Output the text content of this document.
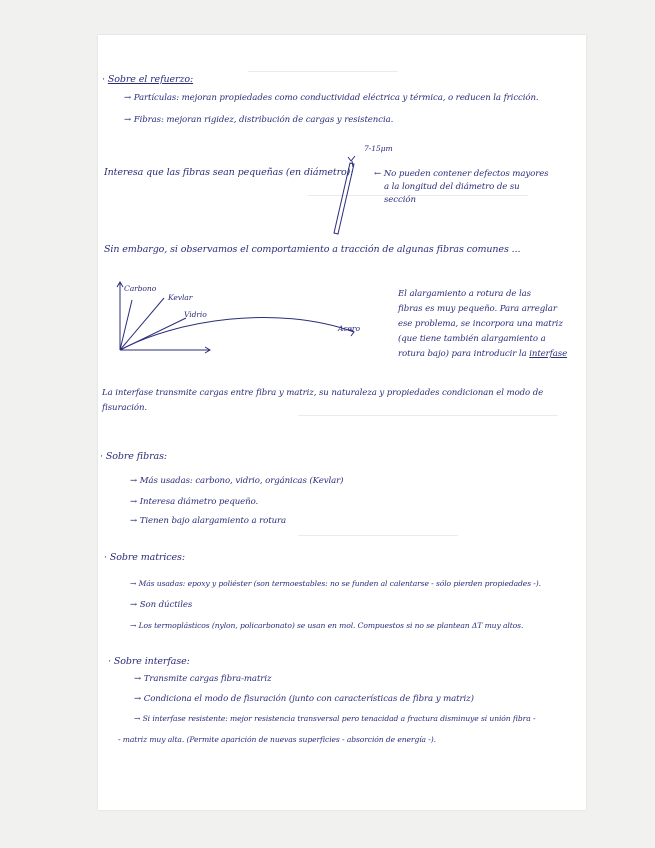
· Sobre el refuerzo:
→ Partículas: mejoran propiedades como conductividad eléctrica y térmica, o reducen la fricción.
→ Fibras: mejoran rigidez, distribución de cargas y resistencia.
Interesa que las fibras sean pequeñas (en diámetro):
7-15μm
← No pueden contener defectos mayores
a la longitud del diámetro de su
sección
Sin embargo, si observamos el comportamiento a tracción de algunas fibras comunes ...
Carbono
Kevlar
Vidrio
Acero
El alargamiento a rotura de las
fibras es muy pequeño. Para arreglar
ese problema, se incorpora una matriz
(que tiene también alargamiento a
rotura bajo) para introducir la interfase
La interfase transmite cargas entre fibra y matriz, su naturaleza y propiedades condicionan el modo de
fisuración.
· Sobre fibras:
→ Más usadas: carbono, vidrio, orgánicas (Kevlar)
→ Interesa diámetro pequeño.
→ Tienen bajo alargamiento a rotura
· Sobre matrices:
→ Más usadas: epoxy y poliéster (son termoestables: no se funden al calentarse - sólo pierden propiedades -).
→ Son dúctiles
→ Los termoplásticos (nylon, policarbonato) se usan en mol. Compuestos si no se plantean ΔT muy altos.
· Sobre interfase:
→ Transmite cargas fibra-matriz
→ Condiciona el modo de fisuración (junto con características de fibra y matriz)
→ Si interfase resistente: mejor resistencia transversal pero tenacidad a fractura disminuye si unión fibra -
- matriz muy alta. (Permite aparición de nuevas superficies - absorción de energía -).
